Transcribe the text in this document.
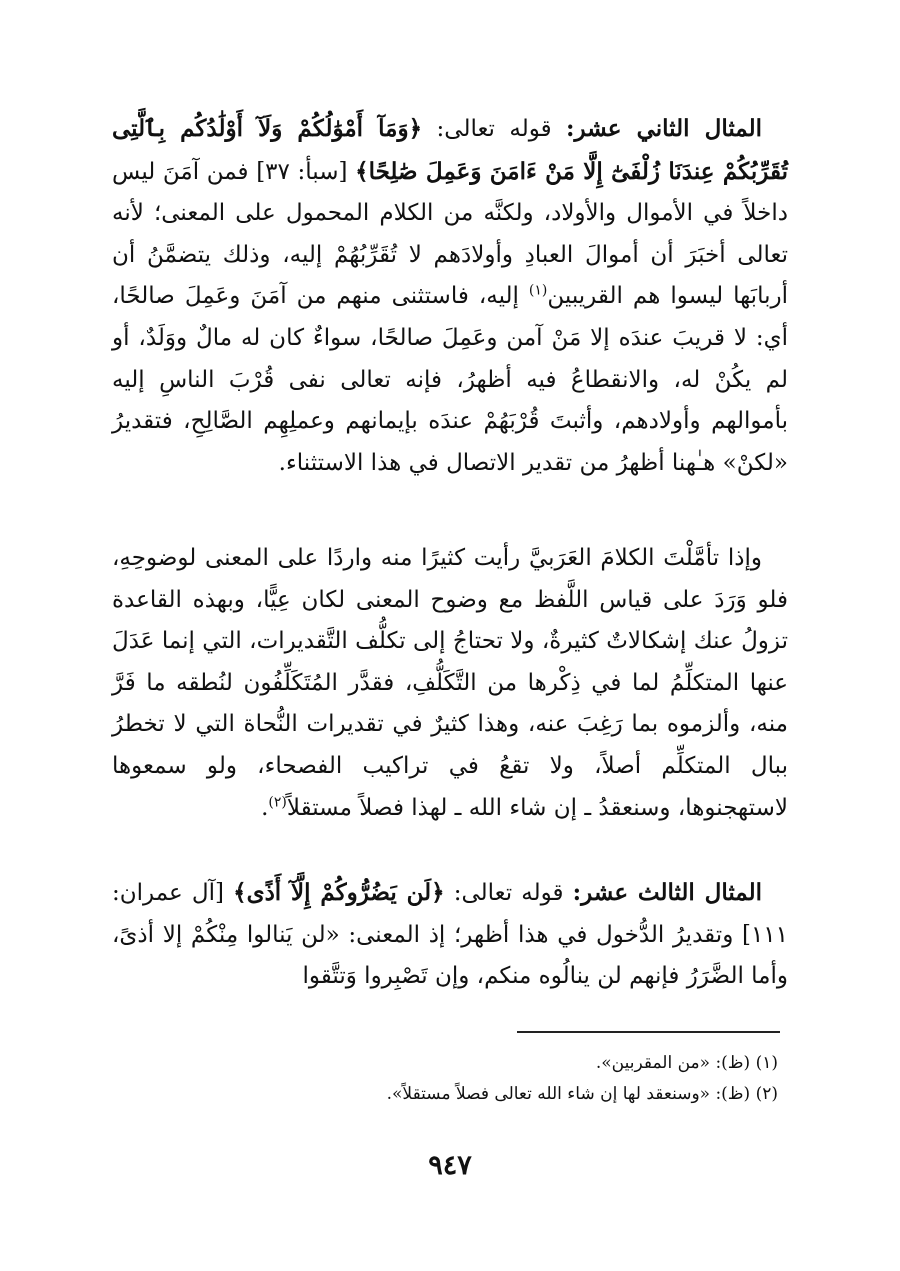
المثال الثاني عشر: قوله تعالى: ﴿وَمَآ أَمْوَٰلُكُمْ وَلَآ أَوْلَٰدُكُم بِٱلَّتِى تُقَرِّبُكُمْ عِندَنَا زُلْفَىٰٓ إِلَّا مَنْ ءَامَنَ وَعَمِلَ صَٰلِحًا﴾ [سبأ: ٣٧] فمن آمَنَ ليس داخلاً في الأموال والأولاد، ولكنَّه من الكلام المحمول على المعنى؛ لأنه تعالى أخبَرَ أن أموالَ العبادِ وأولادَهم لا تُقَرِّبُهُمْ إليه، وذلك يتضمَّنُ أن أربابَها ليسوا هم القريبين$^{(١)}$ إليه، فاستثنى منهم من آمَنَ وعَمِلَ صالحًا، أي: لا قريبَ عندَه إلا مَنْ آمن وعَمِلَ صالحًا، سواءٌ كان له مالٌ ووَلَدٌ، أو لم يكُنْ له، والانقطاعُ فيه أظهرُ، فإنه تعالى نفى قُرْبَ الناسِ إليه بأموالهم وأولادهم، وأثبتَ قُرْبَهُمْ عندَه بإيمانهم وعملِهِم الصَّالِحِ، فتقديرُ «لكنْ» هـٰهنا أظهرُ من تقدير الاتصال في هذا الاستثناء.

وإذا تأمَّلْتَ الكلامَ العَرَبيَّ رأيت كثيرًا منه واردًا على المعنى لوضوحِهِ، فلو وَرَدَ على قياس اللَّفظ مع وضوح المعنى لكان عِيًّا، وبهذه القاعدة تزولُ عنك إشكالاتٌ كثيرةٌ، ولا تحتاجُ إلى تكلُّف التَّقديرات، التي إنما عَدَلَ عنها المتكلِّمُ لما في ذِكْرها من التَّكَلُّفِ، فقدَّر المُتَكَلِّفُون لنُطقه ما فَرَّ منه، وألزموه بما رَغِبَ عنه، وهذا كثيرٌ في تقديرات النُّحاة التي لا تخطرُ ببال المتكلِّم أصلاً، ولا تقعُ في تراكيب الفصحاء، ولو سمعوها لاستهجنوها، وسنعقدُ ـ إن شاء الله ـ لهذا فصلاً مستقلاً$^{(٢)}$.

المثال الثالث عشر: قوله تعالى: ﴿لَن يَضُرُّوكُمْ إِلَّآ أَذًى﴾ [آل عمران: ١١١] وتقديرُ الدُّخول في هذا أظهر؛ إذ المعنى: «لن يَنالوا مِنْكُمْ إلا أذىً، وأما الضَّرَرُ فإنهم لن ينالُوه منكم، وإن تَصْبِروا وَتتَّقوا

(١) (ظ): «من المقربين».

(٢) (ظ): «وسنعقد لها إن شاء الله تعالى فصلاً مستقلاً».

٩٤٧
